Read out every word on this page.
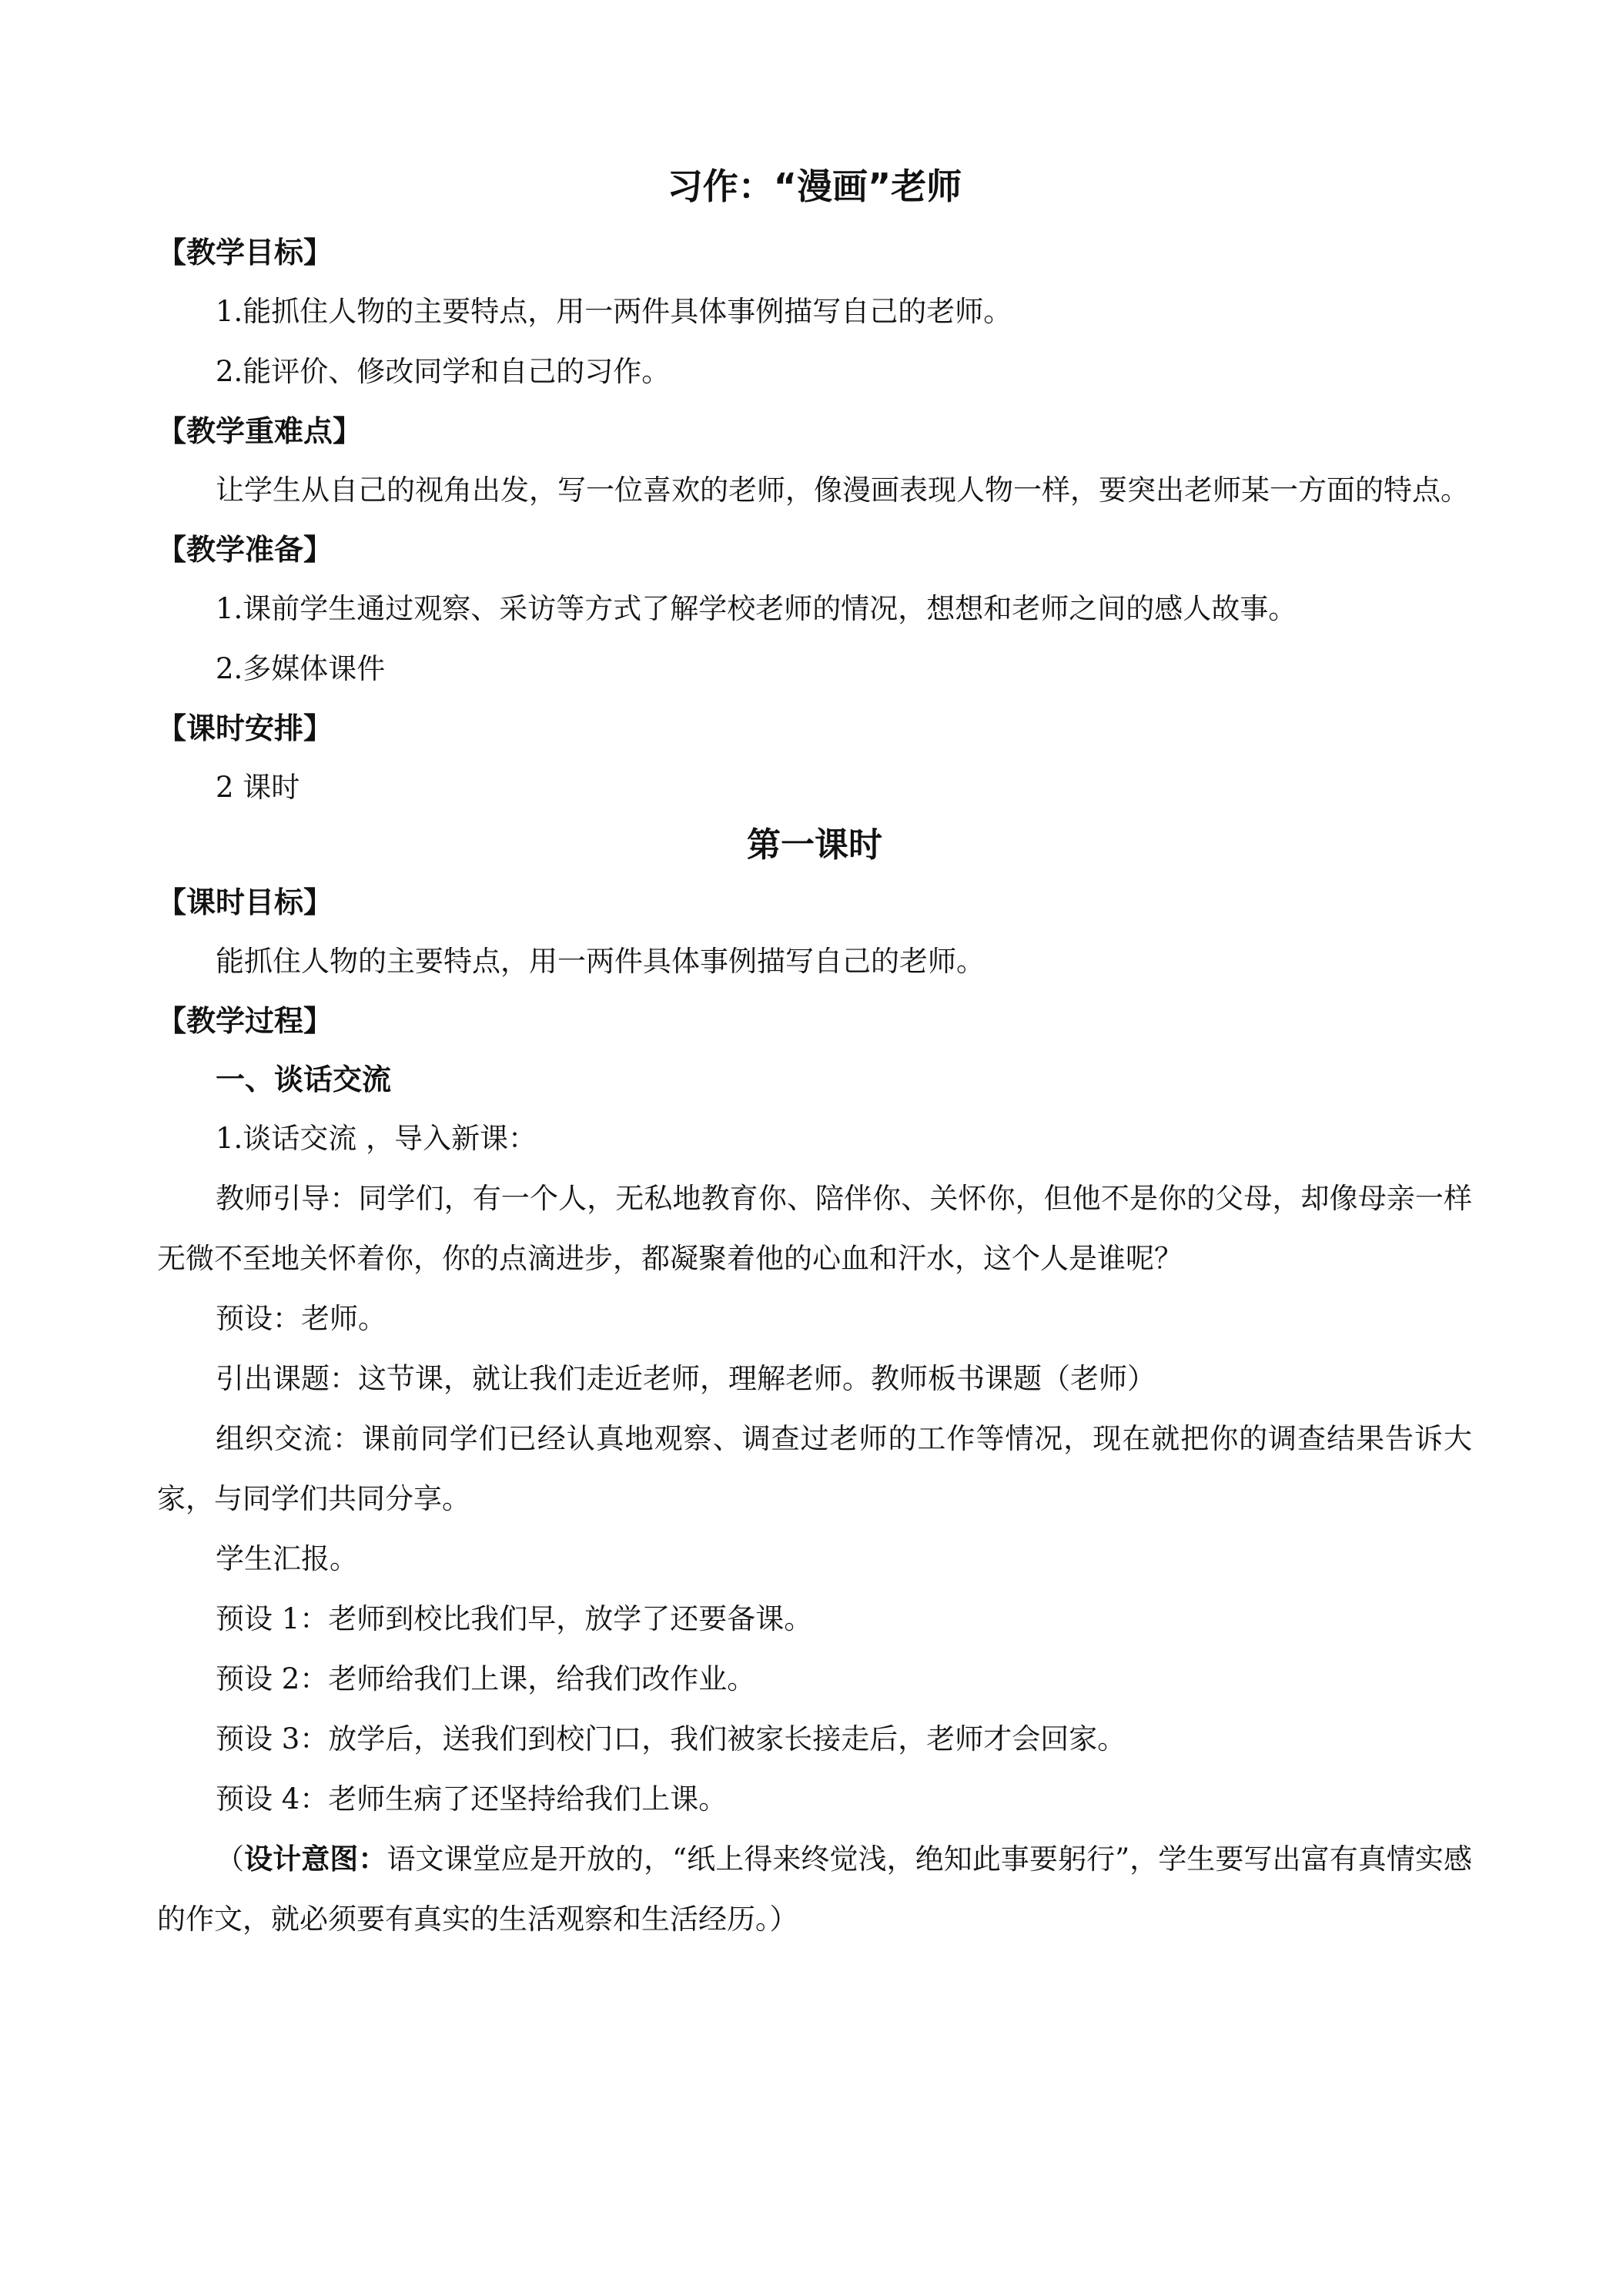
习作：“漫画”老师
【教学目标】

1.能抓住人物的主要特点，用一两件具体事例描写自己的老师。

2.能评价、修改同学和自己的习作。

【教学重难点】

让学生从自己的视角出发，写一位喜欢的老师，像漫画表现人物一样，要突出老师某一方面的特点。

【教学准备】

1.课前学生通过观察、采访等方式了解学校老师的情况，想想和老师之间的感人故事。

2.多媒体课件

【课时安排】

2 课时

第一课时
【课时目标】

能抓住人物的主要特点，用一两件具体事例描写自己的老师。

【教学过程】
一、谈话交流

1.谈话交流 ，导入新课：

教师引导：同学们，有一个人，无私地教育你、陪伴你、关怀你，但他不是你的父母，却像母亲一样无微不至地关怀着你，你的点滴进步，都凝聚着他的心血和汗水，这个人是谁呢？

预设：老师。

引出课题：这节课，就让我们走近老师，理解老师。教师板书课题（老师）

组织交流：课前同学们已经认真地观察、调查过老师的工作等情况，现在就把你的调查结果告诉大家，与同学们共同分享。

学生汇报。

预设 1：老师到校比我们早，放学了还要备课。

预设 2：老师给我们上课，给我们改作业。

预设 3：放学后，送我们到校门口，我们被家长接走后，老师才会回家。

预设 4：老师生病了还坚持给我们上课。

（设计意图：语文课堂应是开放的，“纸上得来终觉浅，绝知此事要躬行”，学生要写出富有真情实感的作文，就必须要有真实的生活观察和生活经历。）
